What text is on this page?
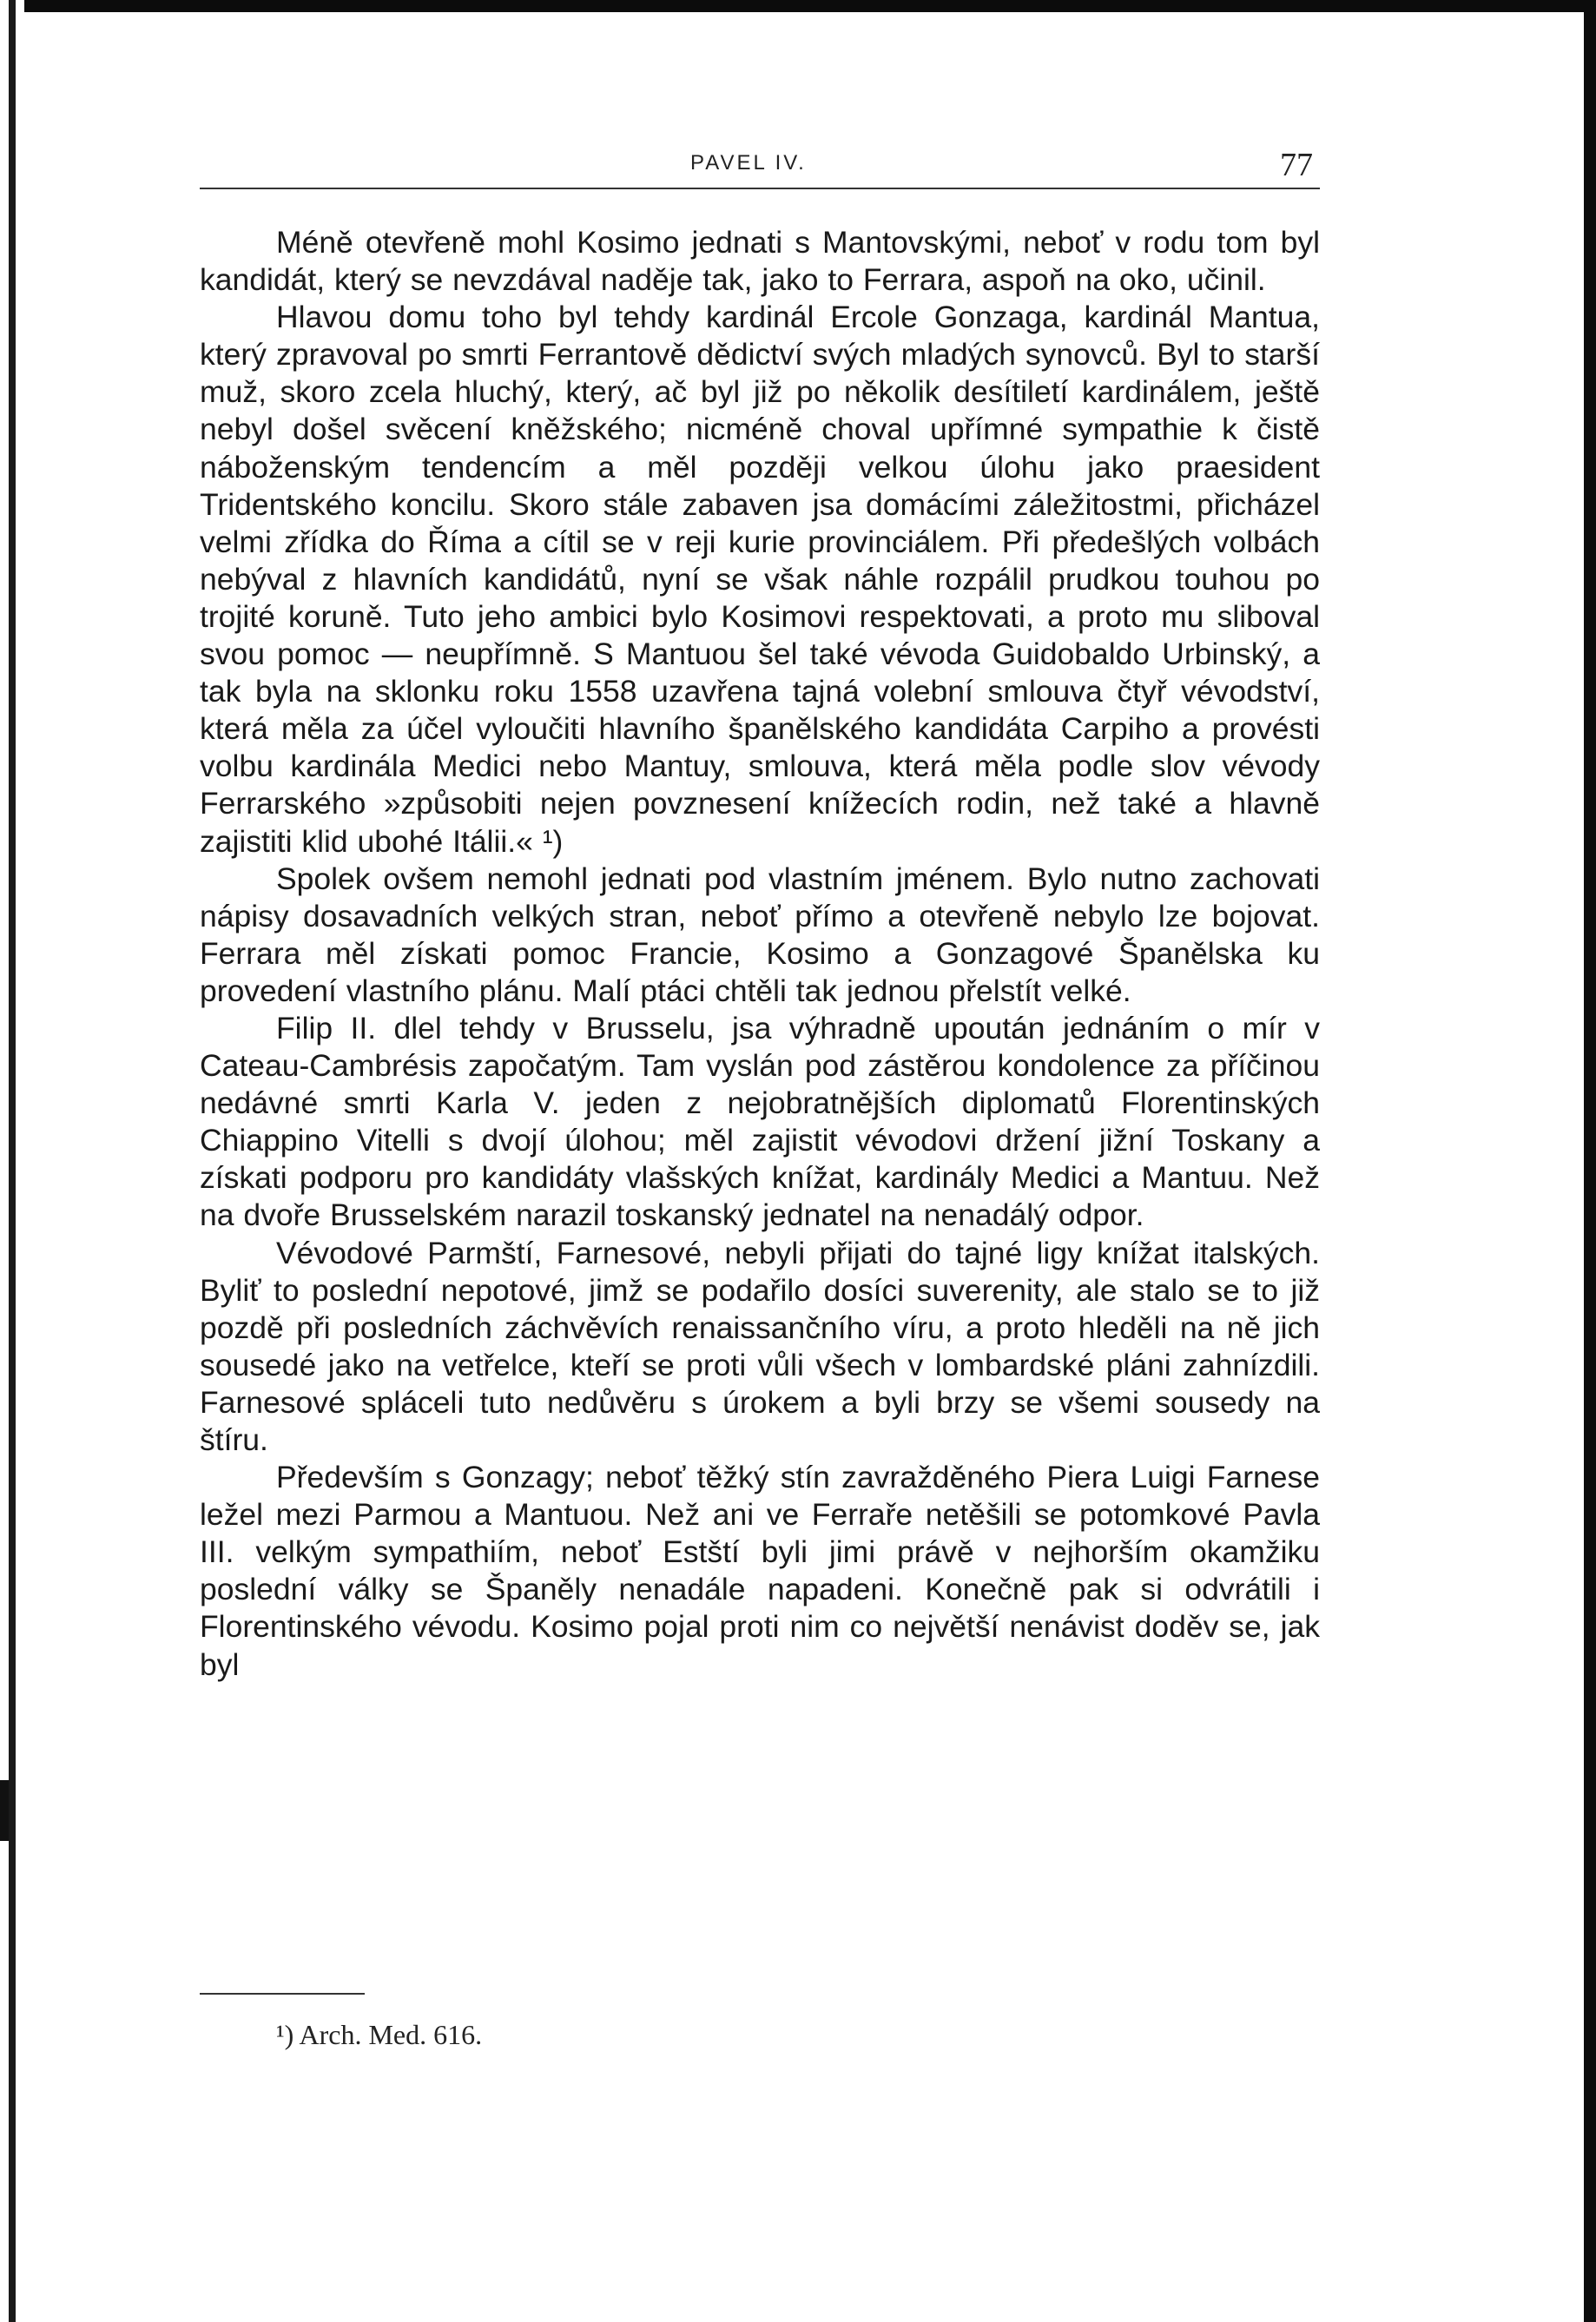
PAVEL IV.	77

Méně otevřeně mohl Kosimo jednati s Mantovskými, neboť v rodu tom byl kandidát, který se nevzdával naděje tak, jako to Ferrara, aspoň na oko, učinil.

Hlavou domu toho byl tehdy kardinál Ercole Gonzaga, kardinál Mantua, který zpravoval po smrti Ferrantově dědictví svých mladých synovců. Byl to starší muž, skoro zcela hluchý, který, ač byl již po několik desítiletí kardinálem, ještě nebyl došel svěcení kněžského; nicméně choval upřímné sympathie k čistě náboženským tendencím a měl později velkou úlohu jako praesident Tridentského koncilu. Skoro stále zabaven jsa domácími záležitostmi, přicházel velmi zřídka do Říma a cítil se v reji kurie provinciálem. Při předešlých volbách nebýval z hlavních kandidátů, nyní se však náhle rozpálil prudkou touhou po trojité koruně. Tuto jeho ambici bylo Kosimovi respektovati, a proto mu sliboval svou pomoc — neupřímně. S Mantuou šel také vévoda Guidobaldo Urbinský, a tak byla na sklonku roku 1558 uzavřena tajná volební smlouva čtyř vévodství, která měla za účel vyloučiti hlavního španělského kandidáta Carpiho a provésti volbu kardinála Medici nebo Mantuy, smlouva, která měla podle slov vévody Ferrarského »způsobiti nejen povznesení knížecích rodin, než také a hlavně zajistiti klid ubohé Itálii.« ¹)

Spolek ovšem nemohl jednati pod vlastním jménem. Bylo nutno zachovati nápisy dosavadních velkých stran, neboť přímo a otevřeně nebylo lze bojovat. Ferrara měl získati pomoc Francie, Kosimo a Gonzagové Španělska ku provedení vlastního plánu. Malí ptáci chtěli tak jednou přelstít velké.

Filip II. dlel tehdy v Brusselu, jsa výhradně upoután jednáním o mír v Cateau-Cambrésis započatým. Tam vyslán pod zástěrou kondolence za příčinou nedávné smrti Karla V. jeden z nejobratnějších diplomatů Florentinských Chiappino Vitelli s dvojí úlohou; měl zajistit vévodovi držení jižní Toskany a získati podporu pro kandidáty vlašských knížat, kardinály Medici a Mantuu. Než na dvoře Brusselském narazil toskanský jednatel na nenadálý odpor.

Vévodové Parmští, Farnesové, nebyli přijati do tajné ligy knížat italských. Byliť to poslední nepotové, jimž se podařilo dosíci suverenity, ale stalo se to již pozdě při posledních záchvěvích renaissančního víru, a proto hleděli na ně jich sousedé jako na vetřelce, kteří se proti vůli všech v lombardské pláni zahnízdili. Farnesové spláceli tuto nedůvěru s úrokem a byli brzy se všemi sousedy na štíru.

Především s Gonzagy; neboť těžký stín zavražděného Piera Luigi Farnese ležel mezi Parmou a Mantuou. Než ani ve Ferraře netěšili se potomkové Pavla III. velkým sympathiím, neboť Estští byli jimi právě v nejhorším okamžiku poslední války se Španěly nenadále napadeni. Konečně pak si odvrátili i Florentinského vévodu. Kosimo pojal proti nim co největší nenávist doděv se, jak byl

¹) Arch. Med. 616.
